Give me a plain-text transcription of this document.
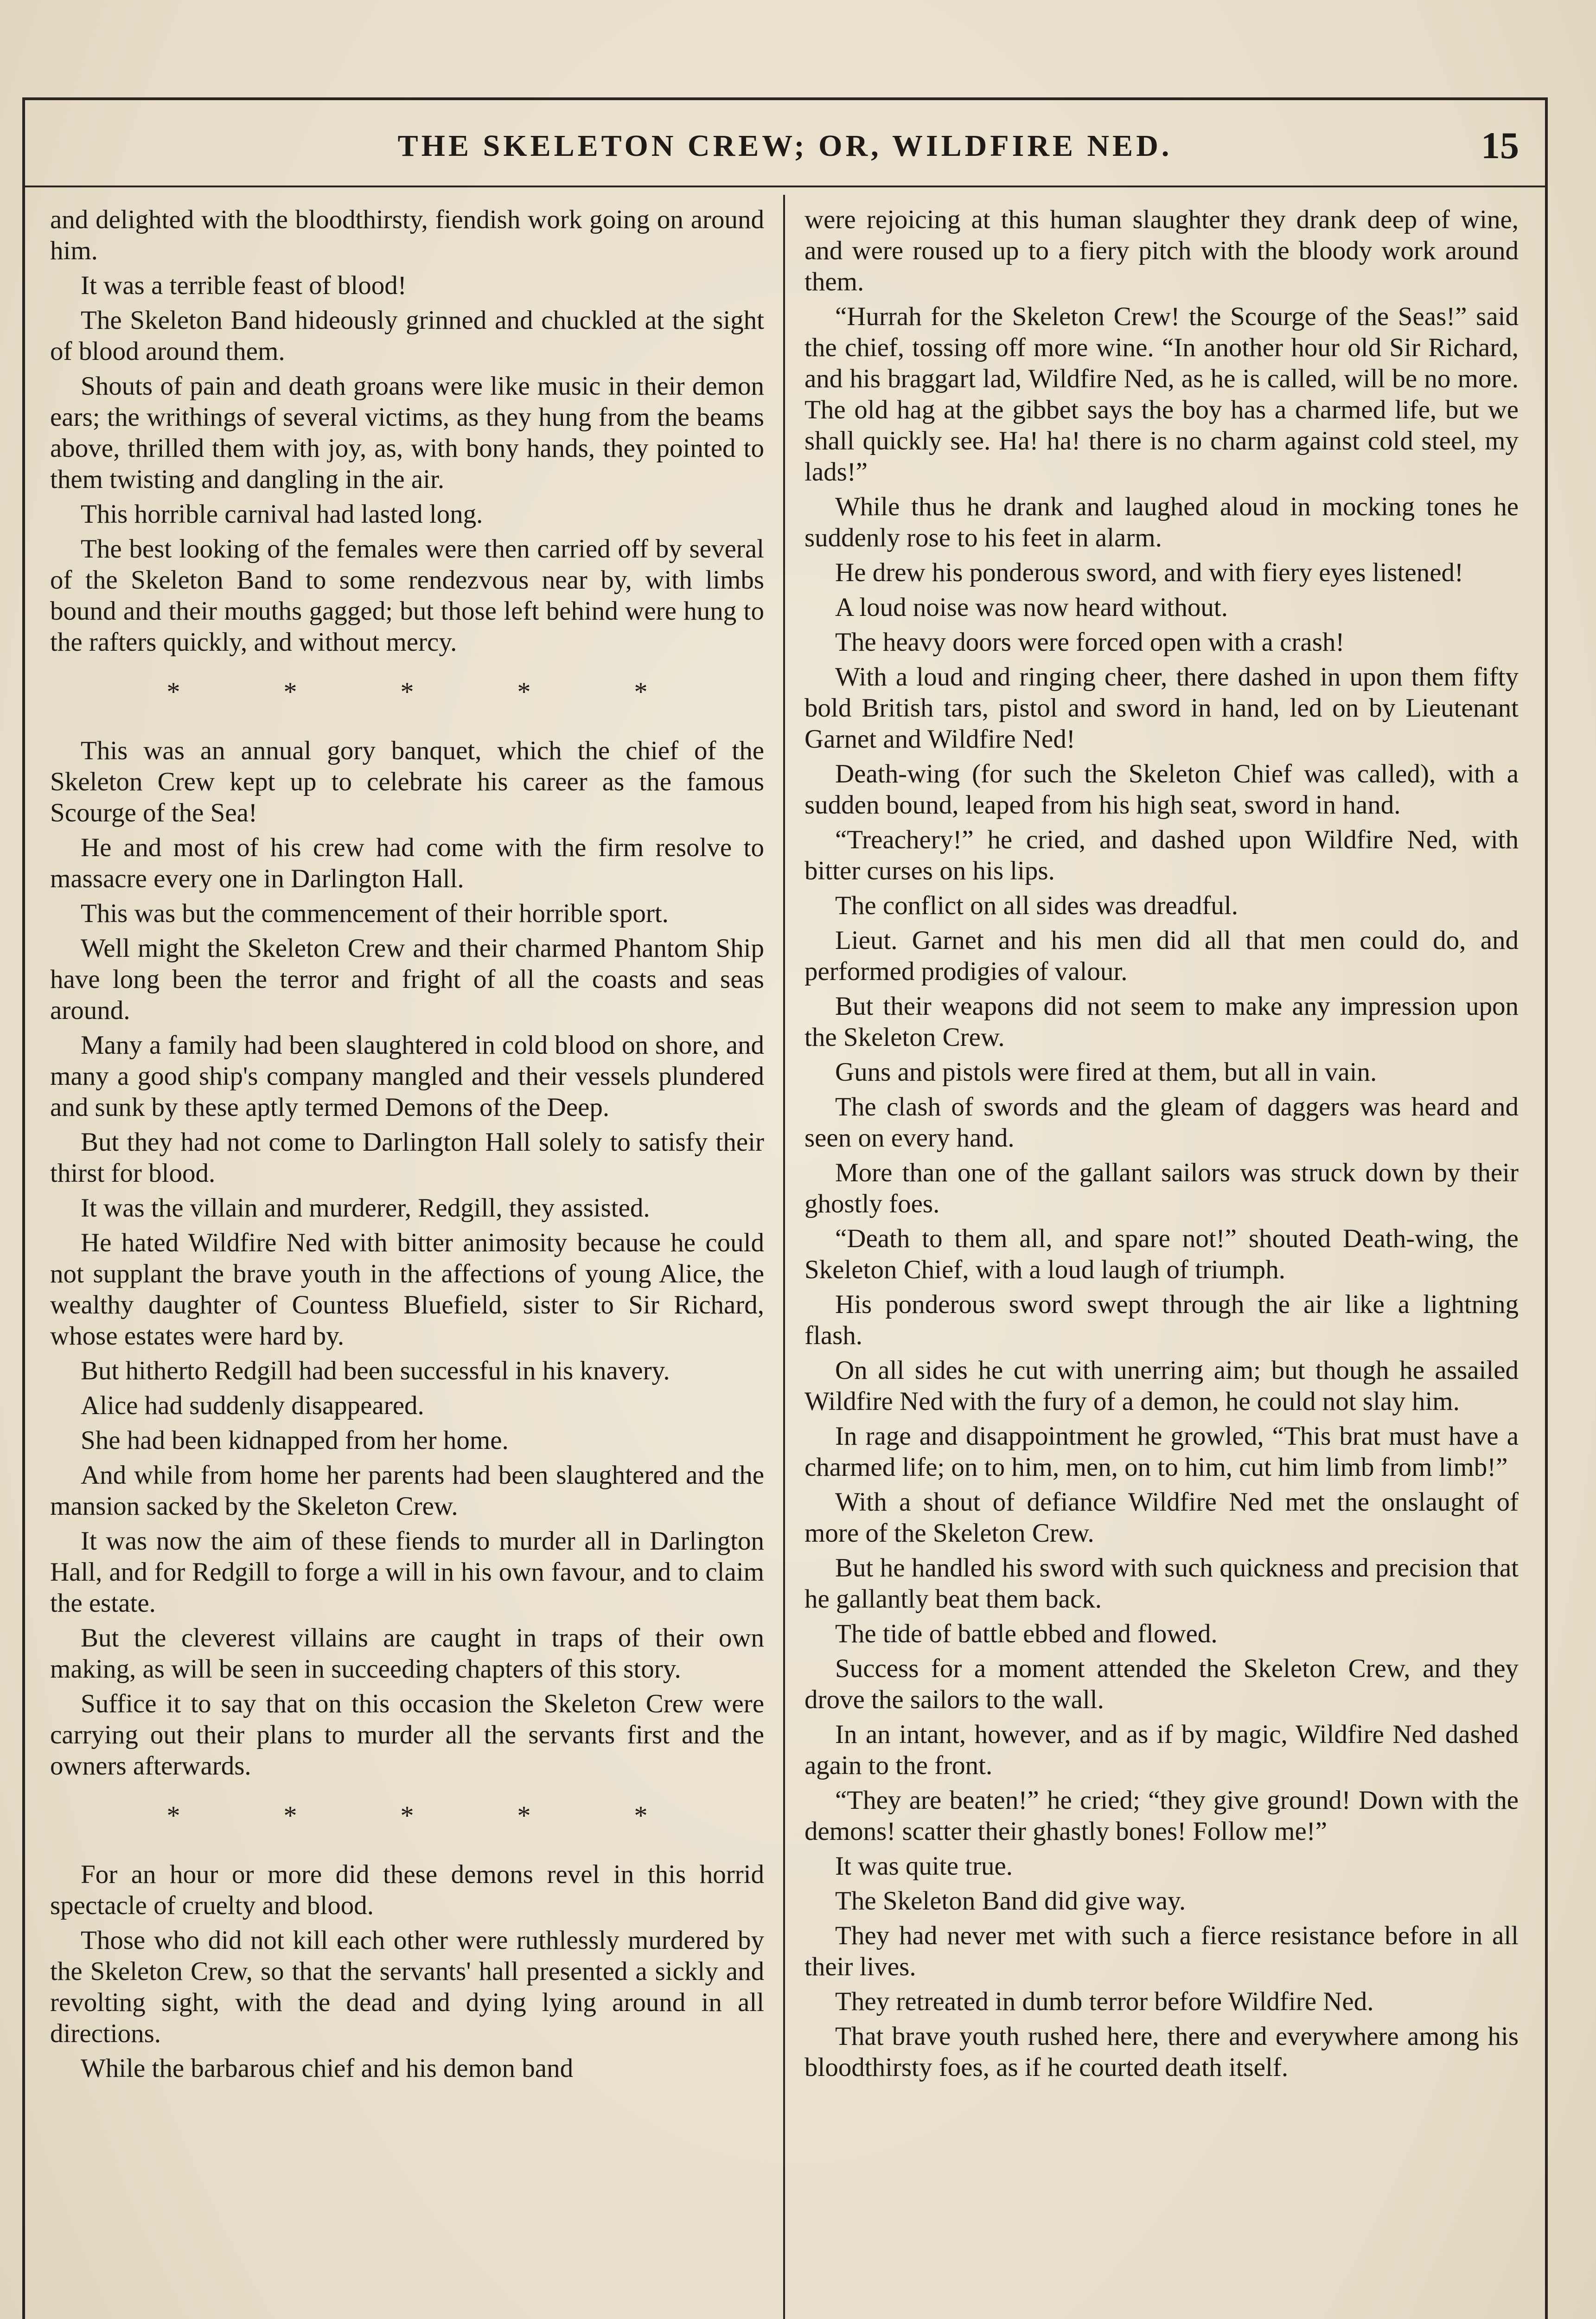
THE SKELETON CREW; OR, WILDFIRE NED.	15

and delighted with the bloodthirsty, fiendish work going on around him.

It was a terrible feast of blood!

The Skeleton Band hideously grinned and chuckled at the sight of blood around them.

Shouts of pain and death groans were like music in their demon ears; the writhings of several victims, as they hung from the beams above, thrilled them with joy, as, with bony hands, they pointed to them twisting and dangling in the air.

This horrible carnival had lasted long.

The best looking of the females were then carried off by several of the Skeleton Band to some rendezvous near by, with limbs bound and their mouths gagged; but those left behind were hung to the rafters quickly, and without mercy.

*	*	*	*	*

This was an annual gory banquet, which the chief of the Skeleton Crew kept up to celebrate his career as the famous Scourge of the Sea!

He and most of his crew had come with the firm resolve to massacre every one in Darlington Hall.

This was but the commencement of their horrible sport.

Well might the Skeleton Crew and their charmed Phantom Ship have long been the terror and fright of all the coasts and seas around.

Many a family had been slaughtered in cold blood on shore, and many a good ship's company mangled and their vessels plundered and sunk by these aptly termed Demons of the Deep.

But they had not come to Darlington Hall solely to satisfy their thirst for blood.

It was the villain and murderer, Redgill, they assisted.

He hated Wildfire Ned with bitter animosity because he could not supplant the brave youth in the affections of young Alice, the wealthy daughter of Countess Bluefield, sister to Sir Richard, whose estates were hard by.

But hitherto Redgill had been successful in his knavery.

Alice had suddenly disappeared.

She had been kidnapped from her home.

And while from home her parents had been slaughtered and the mansion sacked by the Skeleton Crew.

It was now the aim of these fiends to murder all in Darlington Hall, and for Redgill to forge a will in his own favour, and to claim the estate.

But the cleverest villains are caught in traps of their own making, as will be seen in succeeding chapters of this story.

Suffice it to say that on this occasion the Skeleton Crew were carrying out their plans to murder all the servants first and the owners afterwards.

*	*	*	*	*

For an hour or more did these demons revel in this horrid spectacle of cruelty and blood.

Those who did not kill each other were ruthlessly murdered by the Skeleton Crew, so that the servants' hall presented a sickly and revolting sight, with the dead and dying lying around in all directions.

While the barbarous chief and his demon band

were rejoicing at this human slaughter they drank deep of wine, and were roused up to a fiery pitch with the bloody work around them.

“Hurrah for the Skeleton Crew! the Scourge of the Seas!” said the chief, tossing off more wine. “In another hour old Sir Richard, and his braggart lad, Wildfire Ned, as he is called, will be no more. The old hag at the gibbet says the boy has a charmed life, but we shall quickly see. Ha! ha! there is no charm against cold steel, my lads!”

While thus he drank and laughed aloud in mocking tones he suddenly rose to his feet in alarm.

He drew his ponderous sword, and with fiery eyes listened!

A loud noise was now heard without.

The heavy doors were forced open with a crash!

With a loud and ringing cheer, there dashed in upon them fifty bold British tars, pistol and sword in hand, led on by Lieutenant Garnet and Wildfire Ned!

Death-wing (for such the Skeleton Chief was called), with a sudden bound, leaped from his high seat, sword in hand.

“Treachery!” he cried, and dashed upon Wildfire Ned, with bitter curses on his lips.

The conflict on all sides was dreadful.

Lieut. Garnet and his men did all that men could do, and performed prodigies of valour.

But their weapons did not seem to make any impression upon the Skeleton Crew.

Guns and pistols were fired at them, but all in vain.

The clash of swords and the gleam of daggers was heard and seen on every hand.

More than one of the gallant sailors was struck down by their ghostly foes.

“Death to them all, and spare not!” shouted Death-wing, the Skeleton Chief, with a loud laugh of triumph.

His ponderous sword swept through the air like a lightning flash.

On all sides he cut with unerring aim; but though he assailed Wildfire Ned with the fury of a demon, he could not slay him.

In rage and disappointment he growled, “This brat must have a charmed life; on to him, men, on to him, cut him limb from limb!”

With a shout of defiance Wildfire Ned met the onslaught of more of the Skeleton Crew.

But he handled his sword with such quickness and precision that he gallantly beat them back.

The tide of battle ebbed and flowed.

Success for a moment attended the Skeleton Crew, and they drove the sailors to the wall.

In an intant, however, and as if by magic, Wildfire Ned dashed again to the front.

“They are beaten!” he cried; “they give ground! Down with the demons! scatter their ghastly bones! Follow me!”

It was quite true.

The Skeleton Band did give way.

They had never met with such a fierce resistance before in all their lives.

They retreated in dumb terror before Wildfire Ned.

That brave youth rushed here, there and everywhere among his bloodthirsty foes, as if he courted death itself.
